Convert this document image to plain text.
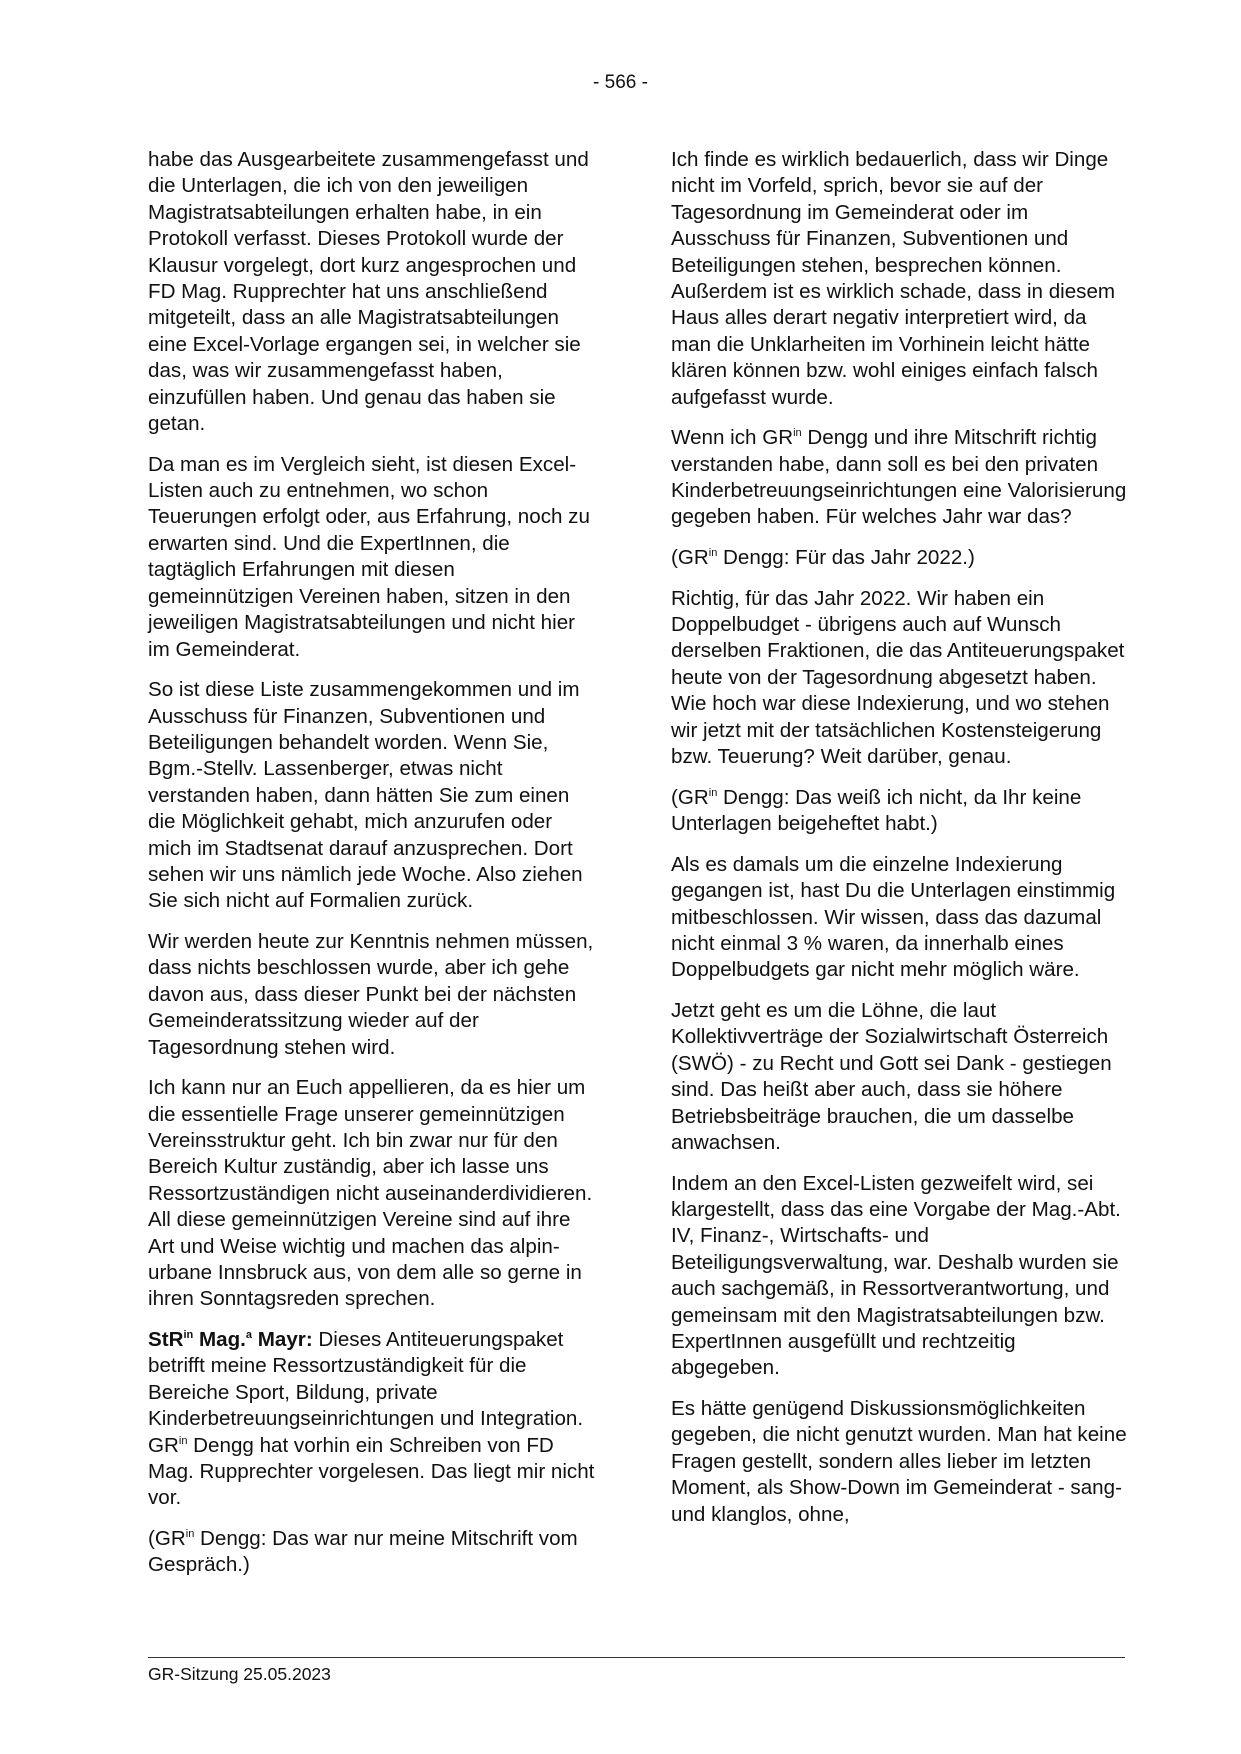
- 566 -

habe das Ausgearbeitete zusammengefasst und die Unterlagen, die ich von den jeweiligen Magistratsabteilungen erhalten habe, in ein Protokoll verfasst. Dieses Protokoll wurde der Klausur vorgelegt, dort kurz angesprochen und FD Mag. Rupprechter hat uns anschließend mitgeteilt, dass an alle Magistratsabteilungen eine Excel-Vorlage ergangen sei, in welcher sie das, was wir zusammengefasst haben, einzufüllen haben. Und genau das haben sie getan.

Da man es im Vergleich sieht, ist diesen Excel-Listen auch zu entnehmen, wo schon Teuerungen erfolgt oder, aus Erfahrung, noch zu erwarten sind. Und die ExpertInnen, die tagtäglich Erfahrungen mit diesen gemeinnützigen Vereinen haben, sitzen in den jeweiligen Magistratsabteilungen und nicht hier im Gemeinderat.

So ist diese Liste zusammengekommen und im Ausschuss für Finanzen, Subventionen und Beteiligungen behandelt worden. Wenn Sie, Bgm.-Stellv. Lassenberger, etwas nicht verstanden haben, dann hätten Sie zum einen die Möglichkeit gehabt, mich anzurufen oder mich im Stadtsenat darauf anzusprechen. Dort sehen wir uns nämlich jede Woche. Also ziehen Sie sich nicht auf Formalien zurück.

Wir werden heute zur Kenntnis nehmen müssen, dass nichts beschlossen wurde, aber ich gehe davon aus, dass dieser Punkt bei der nächsten Gemeinderatssitzung wieder auf der Tagesordnung stehen wird.

Ich kann nur an Euch appellieren, da es hier um die essentielle Frage unserer gemeinnützigen Vereinsstruktur geht. Ich bin zwar nur für den Bereich Kultur zuständig, aber ich lasse uns Ressortzuständigen nicht auseinanderdividieren. All diese gemeinnützigen Vereine sind auf ihre Art und Weise wichtig und machen das alpin-urbane Innsbruck aus, von dem alle so gerne in ihren Sonntagsreden sprechen.

StR$^{in}$ Mag.$^a$ Mayr: Dieses Antiteuerungspaket betrifft meine Ressortzuständigkeit für die Bereiche Sport, Bildung, private Kinderbetreuungseinrichtungen und Integration. $GR^{in}$ Dengg hat vorhin ein Schreiben von FD Mag. Rupprechter vorgelesen. Das liegt mir nicht vor.

($GR^{in}$ Dengg: Das war nur meine Mitschrift vom Gespräch.)

Ich finde es wirklich bedauerlich, dass wir Dinge nicht im Vorfeld, sprich, bevor sie auf der Tagesordnung im Gemeinderat oder im Ausschuss für Finanzen, Subventionen und Beteiligungen stehen, besprechen können. Außerdem ist es wirklich schade, dass in diesem Haus alles derart negativ interpretiert wird, da man die Unklarheiten im Vorhinein leicht hätte klären können bzw. wohl einiges einfach falsch aufgefasst wurde.

Wenn ich $GR^{in}$ Dengg und ihre Mitschrift richtig verstanden habe, dann soll es bei den privaten Kinderbetreuungseinrichtungen eine Valorisierung gegeben haben. Für welches Jahr war das?

($GR^{in}$ Dengg: Für das Jahr 2022.)

Richtig, für das Jahr 2022. Wir haben ein Doppelbudget - übrigens auch auf Wunsch derselben Fraktionen, die das Antiteuerungspaket heute von der Tagesordnung abgesetzt haben. Wie hoch war diese Indexierung, und wo stehen wir jetzt mit der tatsächlichen Kostensteigerung bzw. Teuerung? Weit darüber, genau.

($GR^{in}$ Dengg: Das weiß ich nicht, da Ihr keine Unterlagen beigeheftet habt.)

Als es damals um die einzelne Indexierung gegangen ist, hast Du die Unterlagen einstimmig mitbeschlossen. Wir wissen, dass das dazumal nicht einmal 3 % waren, da innerhalb eines Doppelbudgets gar nicht mehr möglich wäre.

Jetzt geht es um die Löhne, die laut Kollektivverträge der Sozialwirtschaft Österreich (SWÖ) - zu Recht und Gott sei Dank - gestiegen sind. Das heißt aber auch, dass sie höhere Betriebsbeiträge brauchen, die um dasselbe anwachsen.

Indem an den Excel-Listen gezweifelt wird, sei klargestellt, dass das eine Vorgabe der Mag.-Abt. IV, Finanz-, Wirtschafts- und Beteiligungsverwaltung, war. Deshalb wurden sie auch sachgemäß, in Ressortverantwortung, und gemeinsam mit den Magistratsabteilungen bzw. ExpertInnen ausgefüllt und rechtzeitig abgegeben.

Es hätte genügend Diskussionsmöglichkeiten gegeben, die nicht genutzt wurden. Man hat keine Fragen gestellt, sondern alles lieber im letzten Moment, als Show-Down im Gemeinderat - sang- und klanglos, ohne,

GR-Sitzung 25.05.2023
